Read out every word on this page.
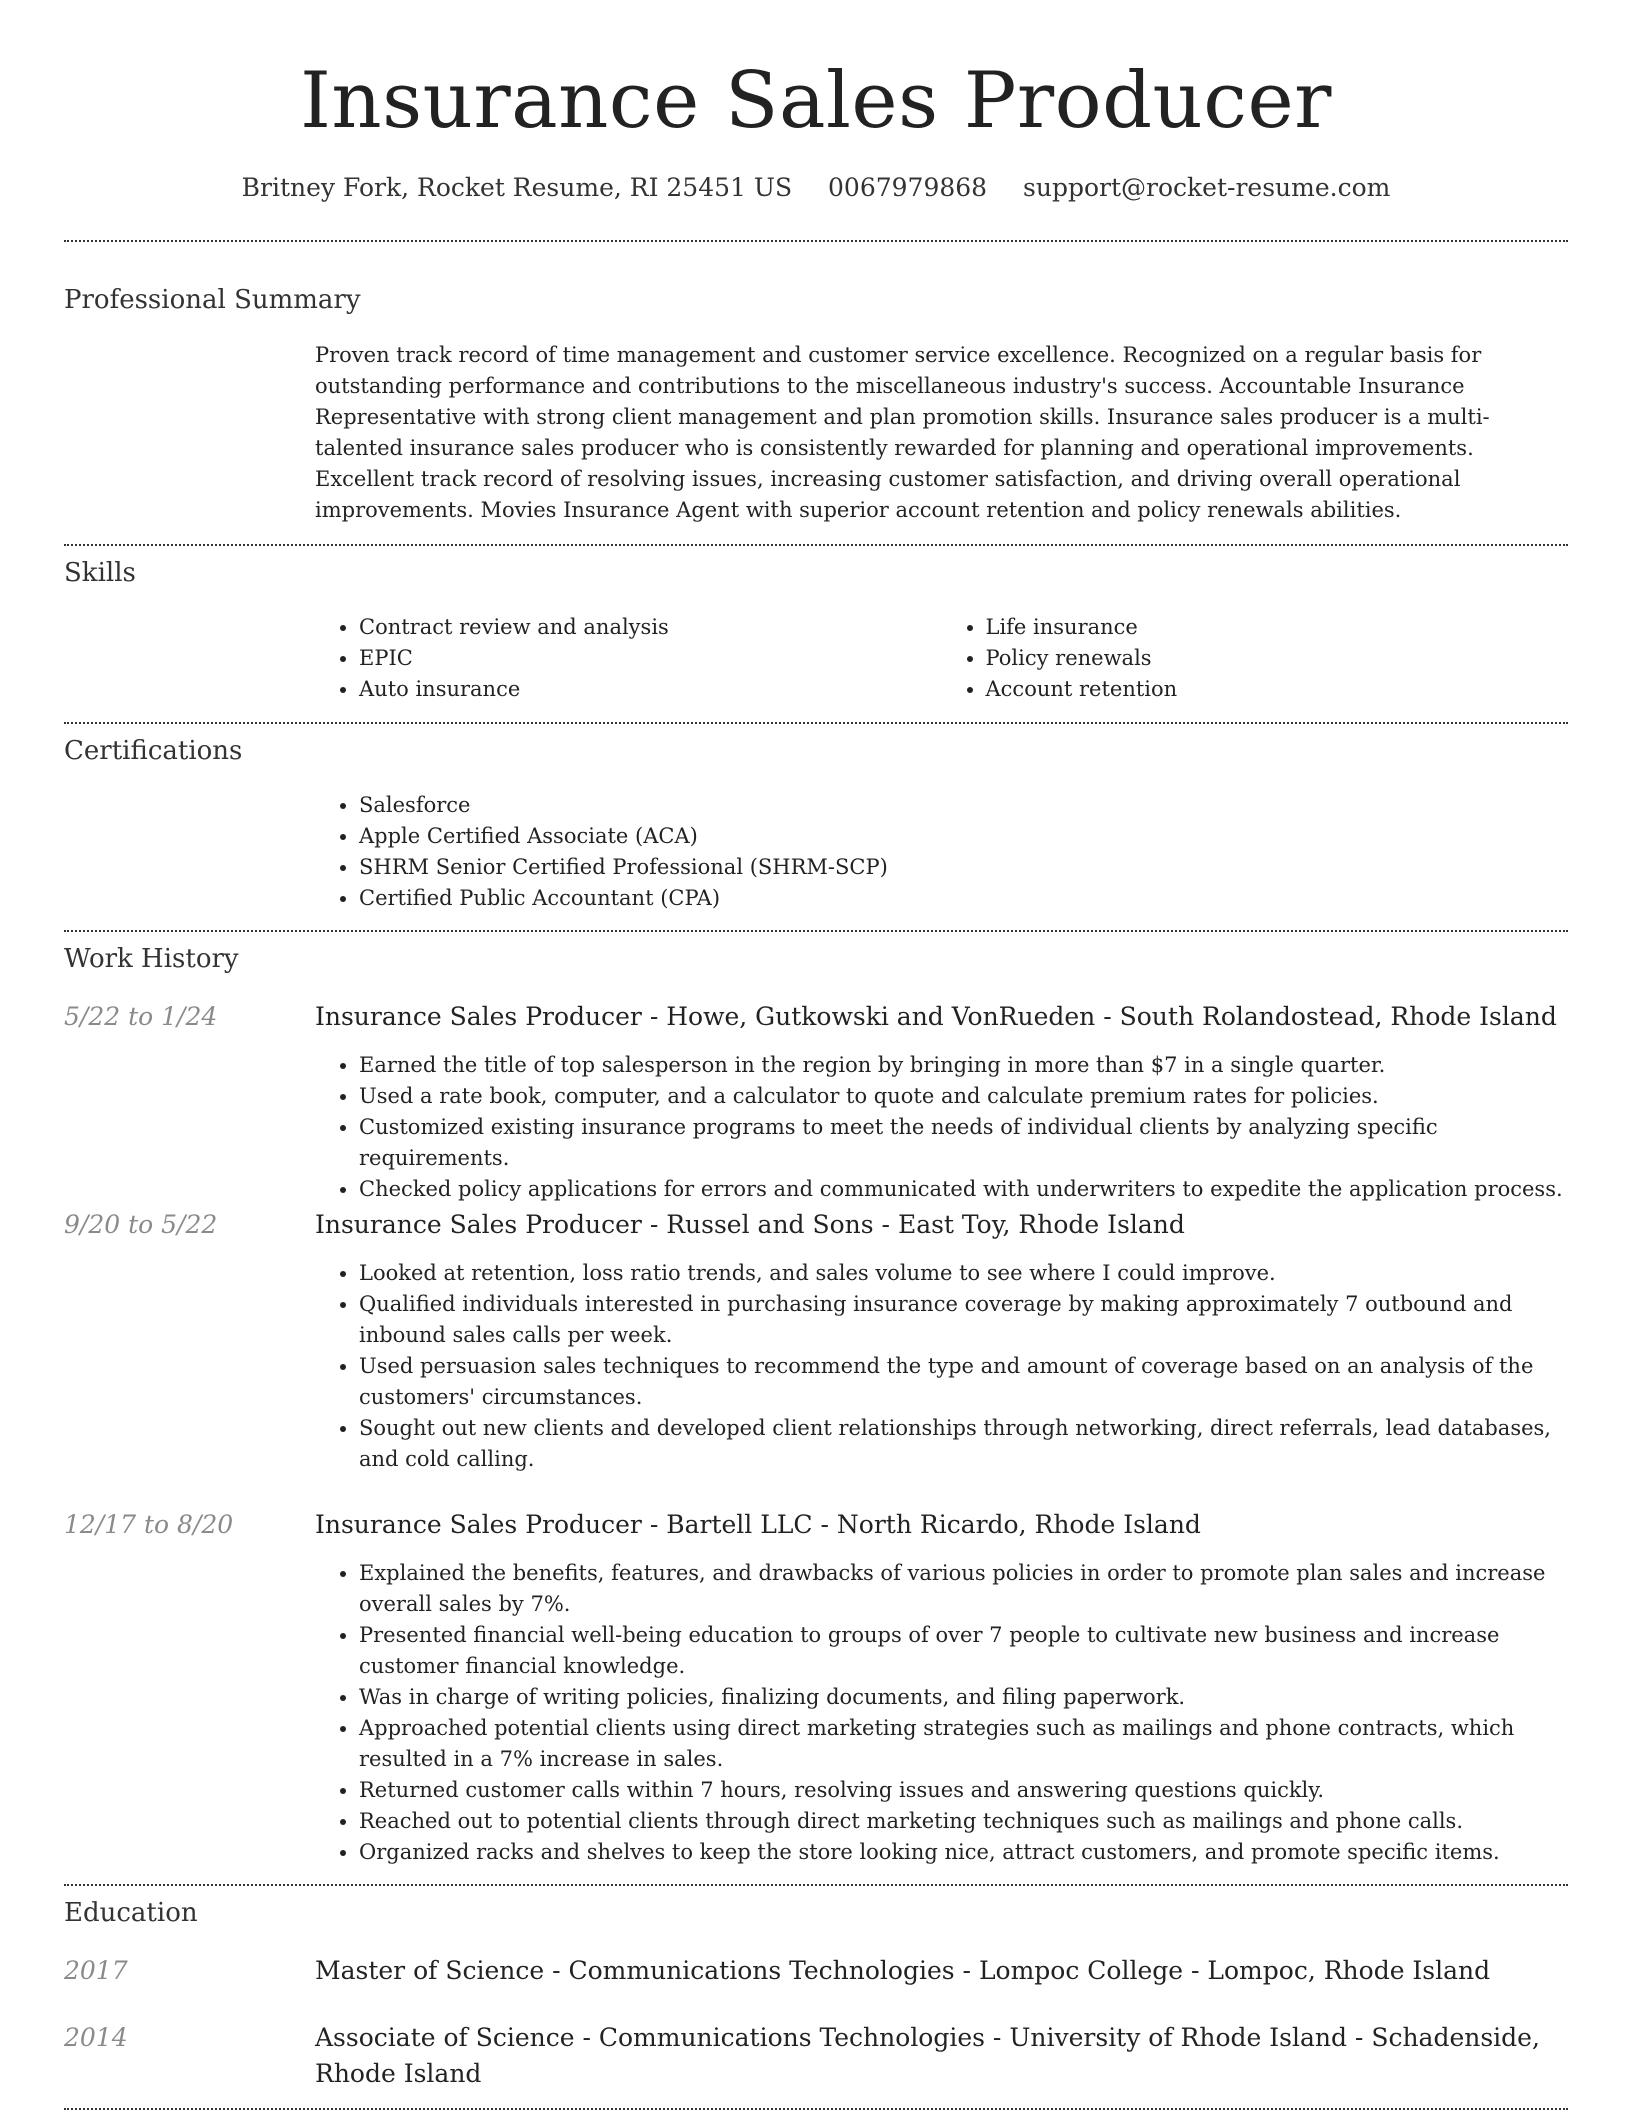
Insurance Sales Producer
Britney Fork, Rocket Resume, RI 25451 US 0067979868 support@rocket-resume.com
Professional Summary
Proven track record of time management and customer service excellence. Recognized on a regular basis for outstanding performance and contributions to the miscellaneous industry's success. Accountable Insurance Representative with strong client management and plan promotion skills. Insurance sales producer is a multi-talented insurance sales producer who is consistently rewarded for planning and operational improvements. Excellent track record of resolving issues, increasing customer satisfaction, and driving overall operational improvements. Movies Insurance Agent with superior account retention and policy renewals abilities.
Skills
• Contract review and analysis
• EPIC
• Auto insurance
• Life insurance
• Policy renewals
• Account retention
Certifications
• Salesforce
• Apple Certified Associate (ACA)
• SHRM Senior Certified Professional (SHRM-SCP)
• Certified Public Accountant (CPA)
Work History
5/22 to 1/24	Insurance Sales Producer - Howe, Gutkowski and VonRueden - South Rolandostead, Rhode Island
• Earned the title of top salesperson in the region by bringing in more than $7 in a single quarter.
• Used a rate book, computer, and a calculator to quote and calculate premium rates for policies.
• Customized existing insurance programs to meet the needs of individual clients by analyzing specific requirements.
• Checked policy applications for errors and communicated with underwriters to expedite the application process.
9/20 to 5/22	Insurance Sales Producer - Russel and Sons - East Toy, Rhode Island
• Looked at retention, loss ratio trends, and sales volume to see where I could improve.
• Qualified individuals interested in purchasing insurance coverage by making approximately 7 outbound and inbound sales calls per week.
• Used persuasion sales techniques to recommend the type and amount of coverage based on an analysis of the customers' circumstances.
• Sought out new clients and developed client relationships through networking, direct referrals, lead databases, and cold calling.
12/17 to 8/20	Insurance Sales Producer - Bartell LLC - North Ricardo, Rhode Island
• Explained the benefits, features, and drawbacks of various policies in order to promote plan sales and increase overall sales by 7%.
• Presented financial well-being education to groups of over 7 people to cultivate new business and increase customer financial knowledge.
• Was in charge of writing policies, finalizing documents, and filing paperwork.
• Approached potential clients using direct marketing strategies such as mailings and phone contracts, which resulted in a 7% increase in sales.
• Returned customer calls within 7 hours, resolving issues and answering questions quickly.
• Reached out to potential clients through direct marketing techniques such as mailings and phone calls.
• Organized racks and shelves to keep the store looking nice, attract customers, and promote specific items.
Education
2017	Master of Science - Communications Technologies - Lompoc College - Lompoc, Rhode Island
2014	Associate of Science - Communications Technologies - University of Rhode Island - Schadenside, Rhode Island
